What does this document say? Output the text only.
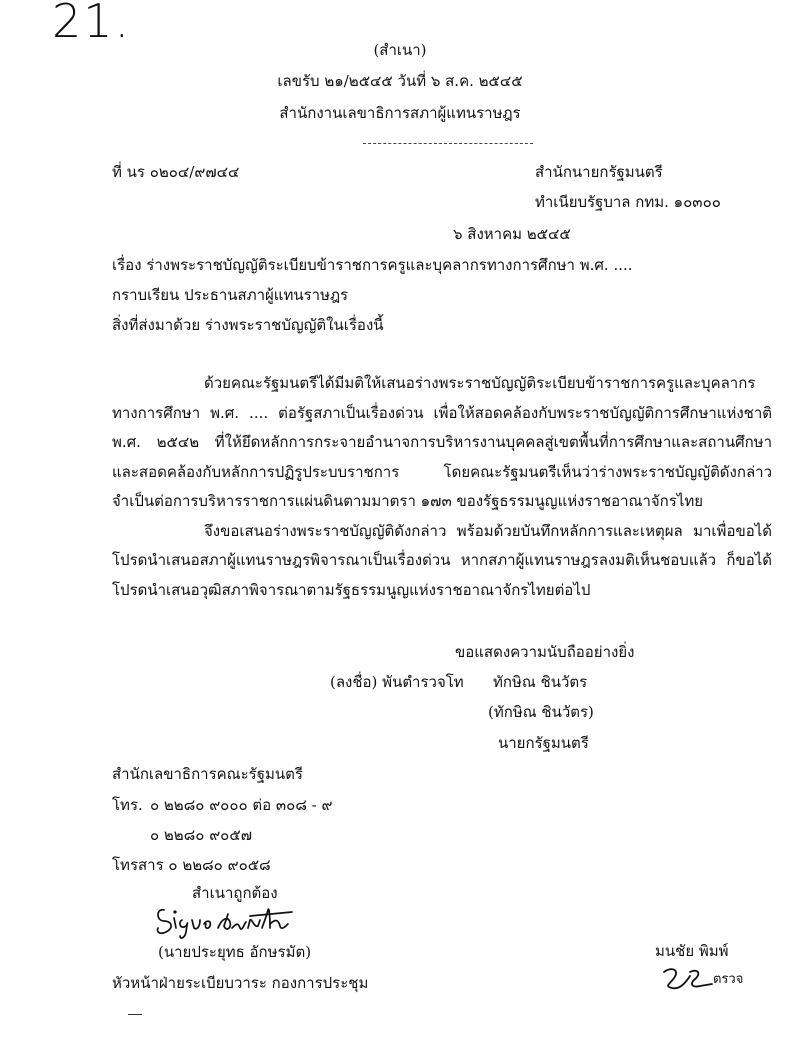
21.
(สำเนา)
เลขรับ ๒๑/๒๕๔๕ วันที่ ๖ ส.ค. ๒๕๔๕
สำนักงานเลขาธิการสภาผู้แทนราษฎร
ที่ นร ๐๒๐๔/๙๗๔๔	สำนักนายกรัฐมนตรี
ทำเนียบรัฐบาล กทม. ๑๐๓๐๐
๖ สิงหาคม ๒๕๔๕
เรื่อง ร่างพระราชบัญญัติระเบียบข้าราชการครูและบุคลากรทางการศึกษา พ.ศ. ....
กราบเรียน ประธานสภาผู้แทนราษฎร
สิ่งที่ส่งมาด้วย ร่างพระราชบัญญัติในเรื่องนี้

ด้วยคณะรัฐมนตรีได้มีมติให้เสนอร่างพระราชบัญญัติระเบียบข้าราชการครูและบุคลากรทางการศึกษา พ.ศ. .... ต่อรัฐสภาเป็นเรื่องด่วน เพื่อให้สอดคล้องกับพระราชบัญญัติการศึกษาแห่งชาติ พ.ศ. ๒๕๔๒ ที่ให้ยึดหลักการกระจายอำนาจการบริหารงานบุคคลสู่เขตพื้นที่การศึกษาและสถานศึกษา และสอดคล้องกับหลักการปฏิรูประบบราชการ โดยคณะรัฐมนตรีเห็นว่าร่างพระราชบัญญัติดังกล่าวจำเป็นต่อการบริหารราชการแผ่นดินตามมาตรา ๑๗๓ ของรัฐธรรมนูญแห่งราชอาณาจักรไทย

จึงขอเสนอร่างพระราชบัญญัติดังกล่าว พร้อมด้วยบันทึกหลักการและเหตุผล มาเพื่อขอได้โปรดนำเสนอสภาผู้แทนราษฎรพิจารณาเป็นเรื่องด่วน หากสภาผู้แทนราษฎรลงมติเห็นชอบแล้ว ก็ขอได้โปรดนำเสนอวุฒิสภาพิจารณาตามรัฐธรรมนูญแห่งราชอาณาจักรไทยต่อไป

ขอแสดงความนับถืออย่างยิ่ง
(ลงชื่อ) พันตำรวจโท ทักษิณ ชินวัตร
(ทักษิณ ชินวัตร)
นายกรัฐมนตรี
สำนักเลขาธิการคณะรัฐมนตรี
โทร. ๐ ๒๒๘๐ ๙๐๐๐ ต่อ ๓๐๘ - ๙
๐ ๒๒๘๐ ๙๐๕๗
โทรสาร ๐ ๒๒๘๐ ๙๐๕๘
สำเนาถูกต้อง
(นายประยุทธ อักษรมัต)
หัวหน้าฝ่ายระเบียบวาระ กองการประชุม
มนชัย พิมพ์
ตรวจ
